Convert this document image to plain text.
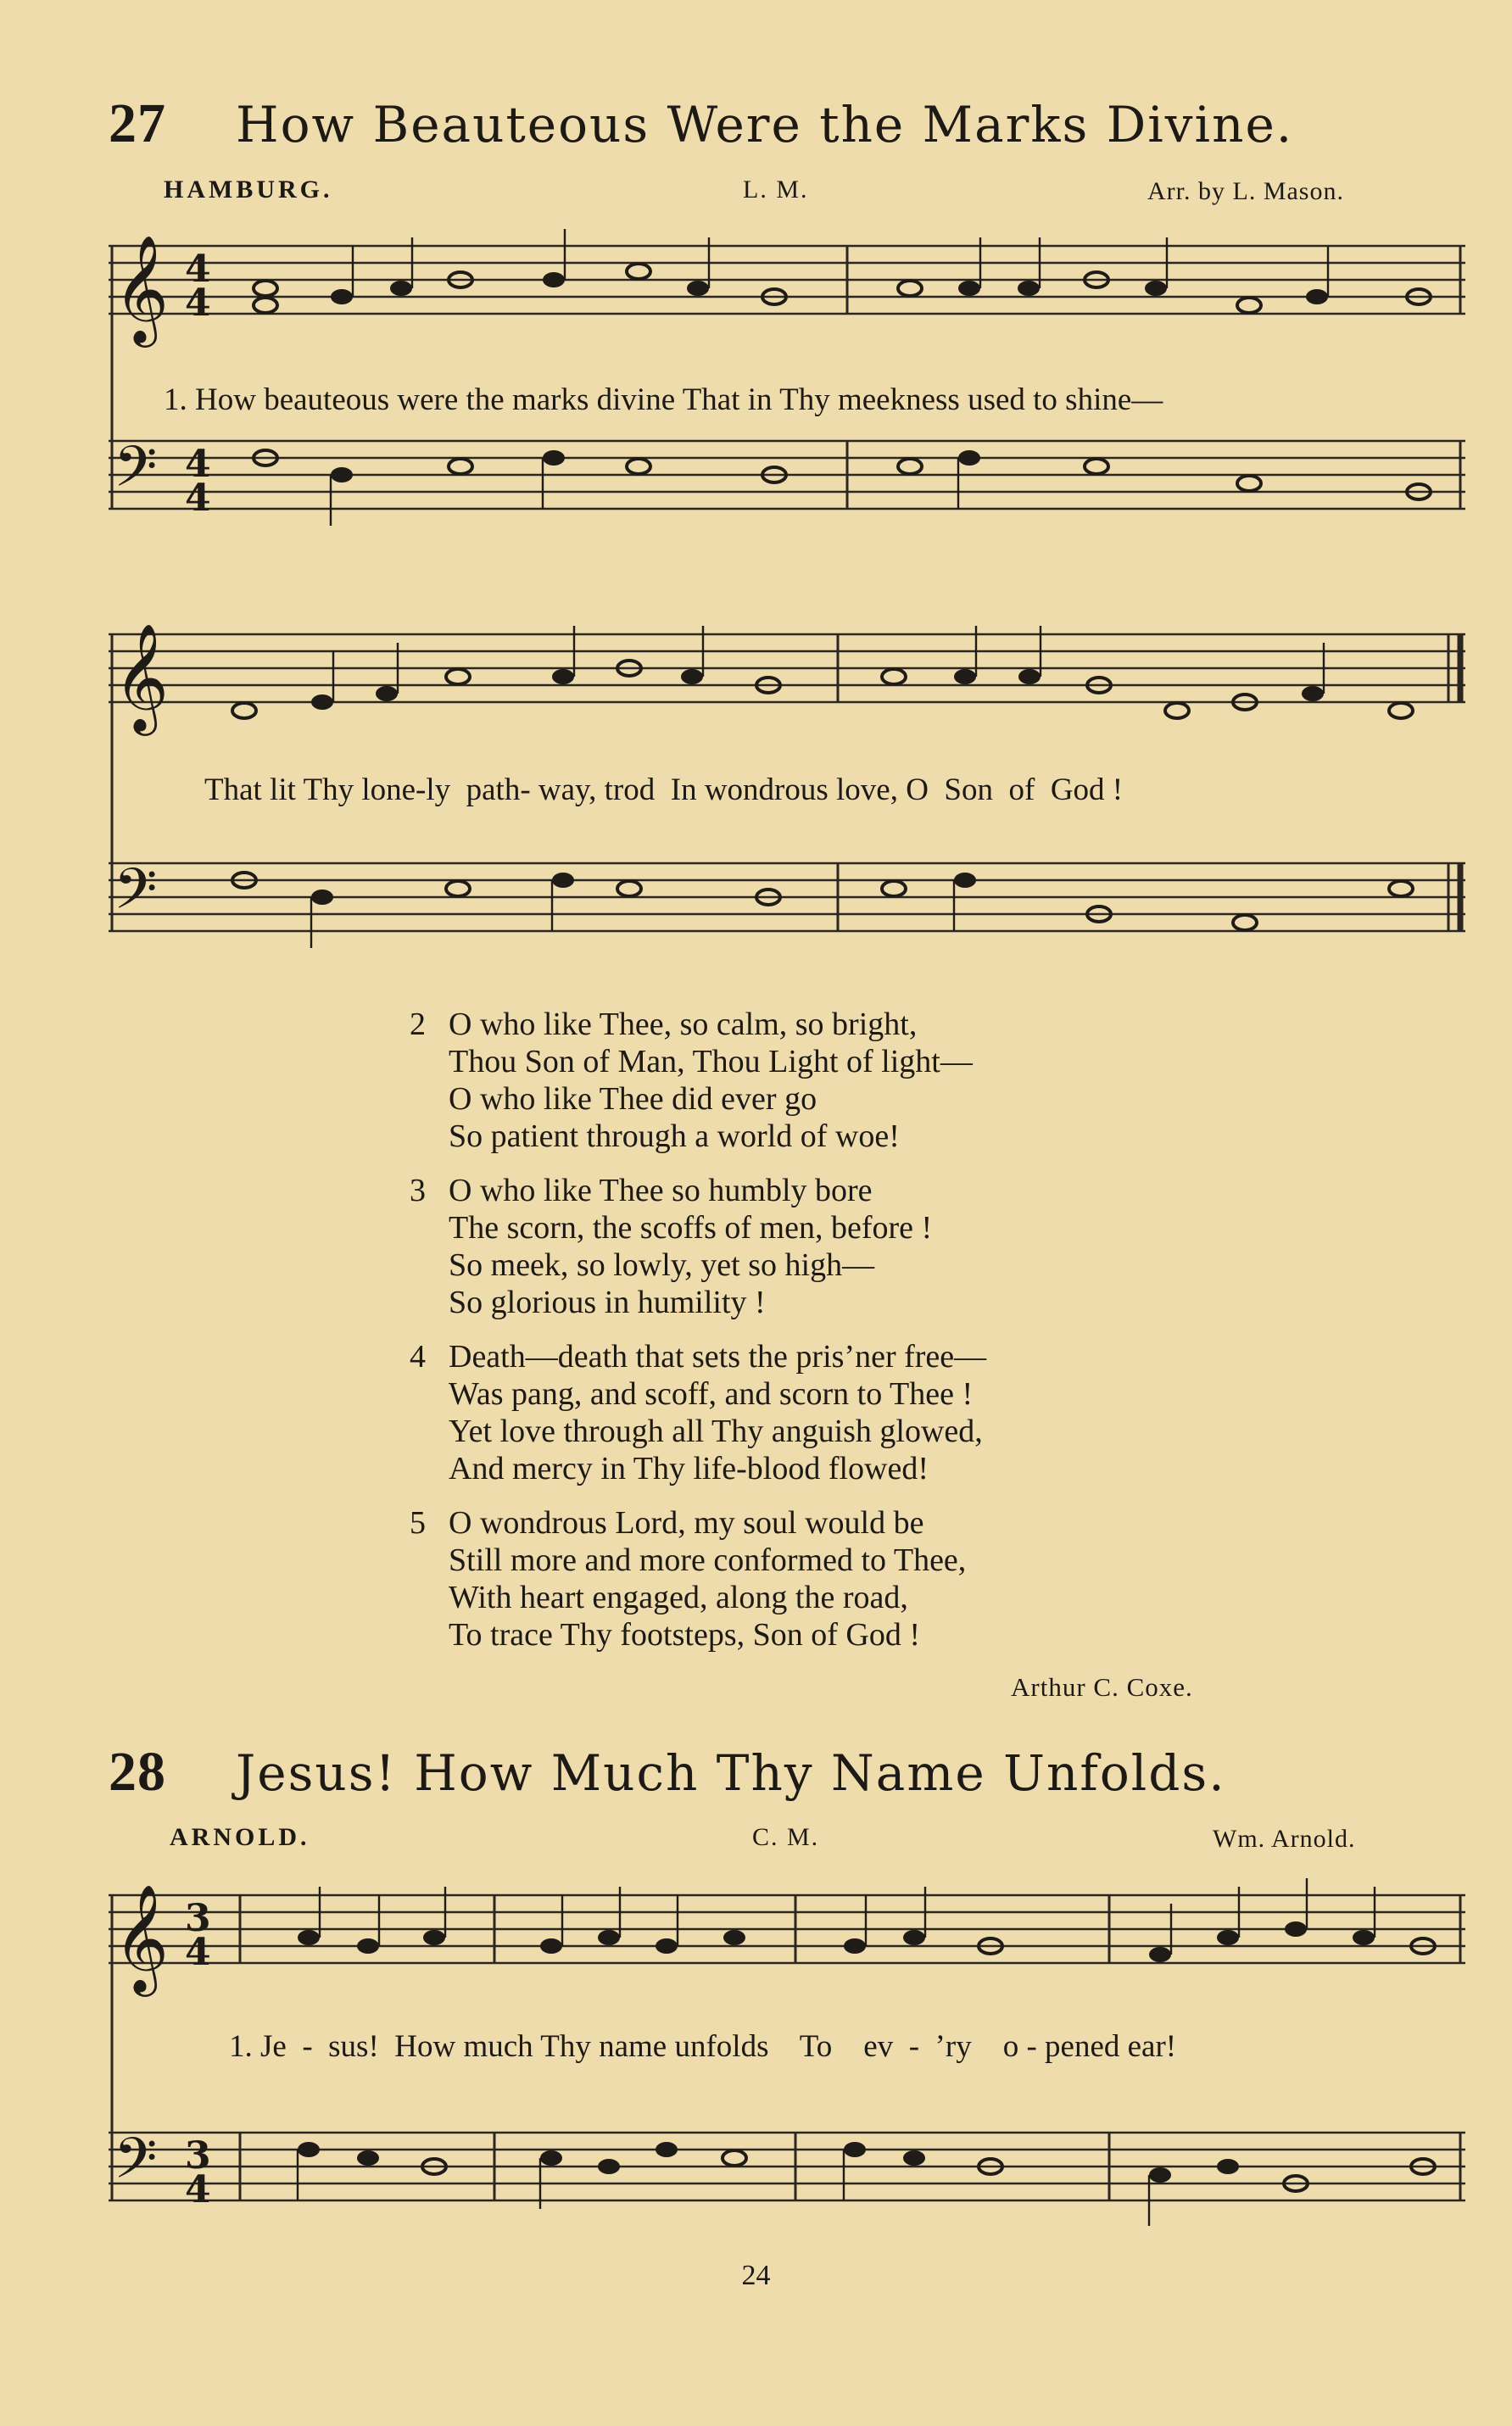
27	How Beauteous Were the Marks Divine.
HAMBURG.	L. M.	Arr. by L. Mason.
𝄞 4
4
𝄢 4
4
1. How beauteous were the marks divine That in Thy meekness used to shine—
𝄞
𝄢
That lit Thy lone-ly  path- way, trod  In wondrous love, O  Son  of  God !
2 O who like Thee, so calm, so bright,
Thou Son of Man, Thou Light of light—
O who like Thee did ever go
So patient through a world of woe!
3 O who like Thee so humbly bore
The scorn, the scoffs of men, before !
So meek, so lowly, yet so high—
So glorious in humility !
4 Death—death that sets the pris’ner free—
Was pang, and scoff, and scorn to Thee !
Yet love through all Thy anguish glowed,
And mercy in Thy life-blood flowed!
5 O wondrous Lord, my soul would be
Still more and more conformed to Thee,
With heart engaged, along the road,
To trace Thy footsteps, Son of God !
Arthur C. Coxe.
28	Jesus! How Much Thy Name Unfolds.
ARNOLD.	C. M.	Wm. Arnold.
𝄞 3
4
𝄢 3
4
1. Je  -  sus!  How much Thy name unfolds    To    ev  -  ’ry    o - pened ear!
24
